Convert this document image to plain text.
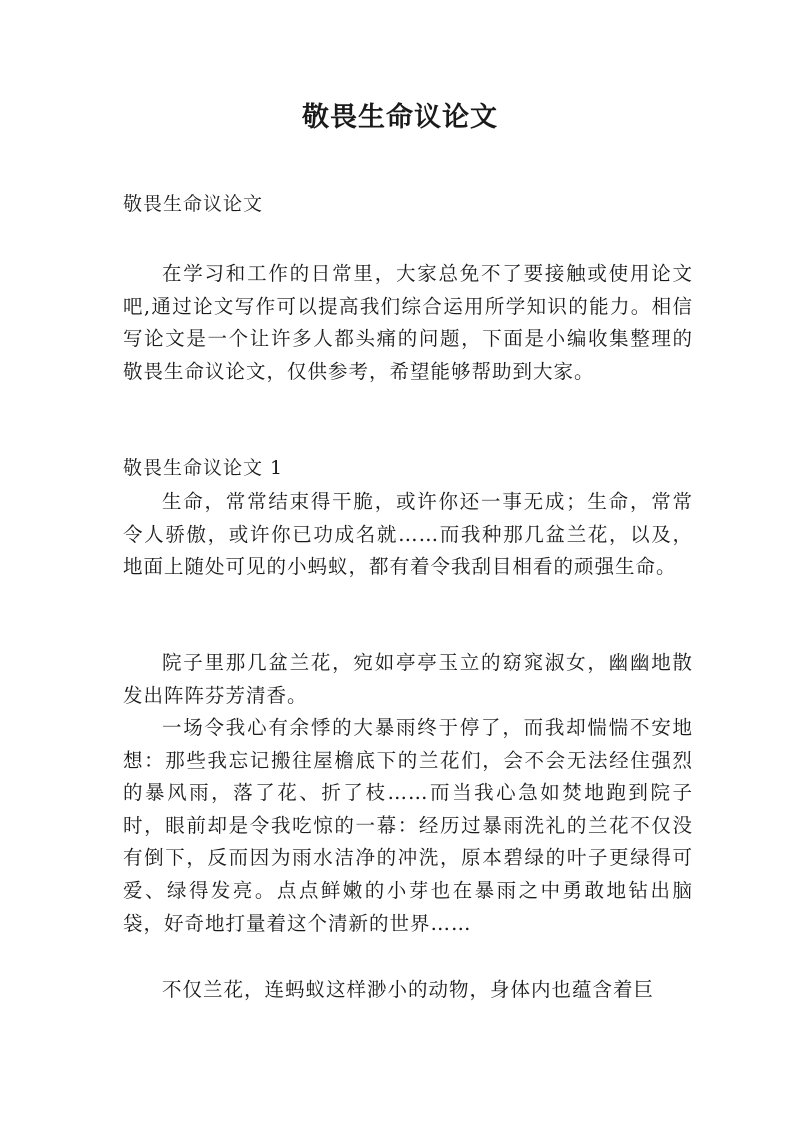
敬畏生命议论文

敬畏生命议论文

在学习和工作的日常里，大家总免不了要接触或使用论文吧,通过论文写作可以提高我们综合运用所学知识的能力。相信写论文是一个让许多人都头痛的问题，下面是小编收集整理的敬畏生命议论文，仅供参考，希望能够帮助到大家。

敬畏生命议论文 1

生命，常常结束得干脆，或许你还一事无成；生命，常常令人骄傲，或许你已功成名就……而我种那几盆兰花，以及，地面上随处可见的小蚂蚁，都有着令我刮目相看的顽强生命。

院子里那几盆兰花，宛如亭亭玉立的窈窕淑女，幽幽地散发出阵阵芬芳清香。

一场令我心有余悸的大暴雨终于停了，而我却惴惴不安地想：那些我忘记搬往屋檐底下的兰花们，会不会无法经住强烈的暴风雨，落了花、折了枝……而当我心急如焚地跑到院子时，眼前却是令我吃惊的一幕：经历过暴雨洗礼的兰花不仅没有倒下，反而因为雨水洁净的冲洗，原本碧绿的叶子更绿得可爱、绿得发亮。点点鲜嫩的小芽也在暴雨之中勇敢地钻出脑袋，好奇地打量着这个清新的世界……

不仅兰花，连蚂蚁这样渺小的动物，身体内也蕴含着巨
